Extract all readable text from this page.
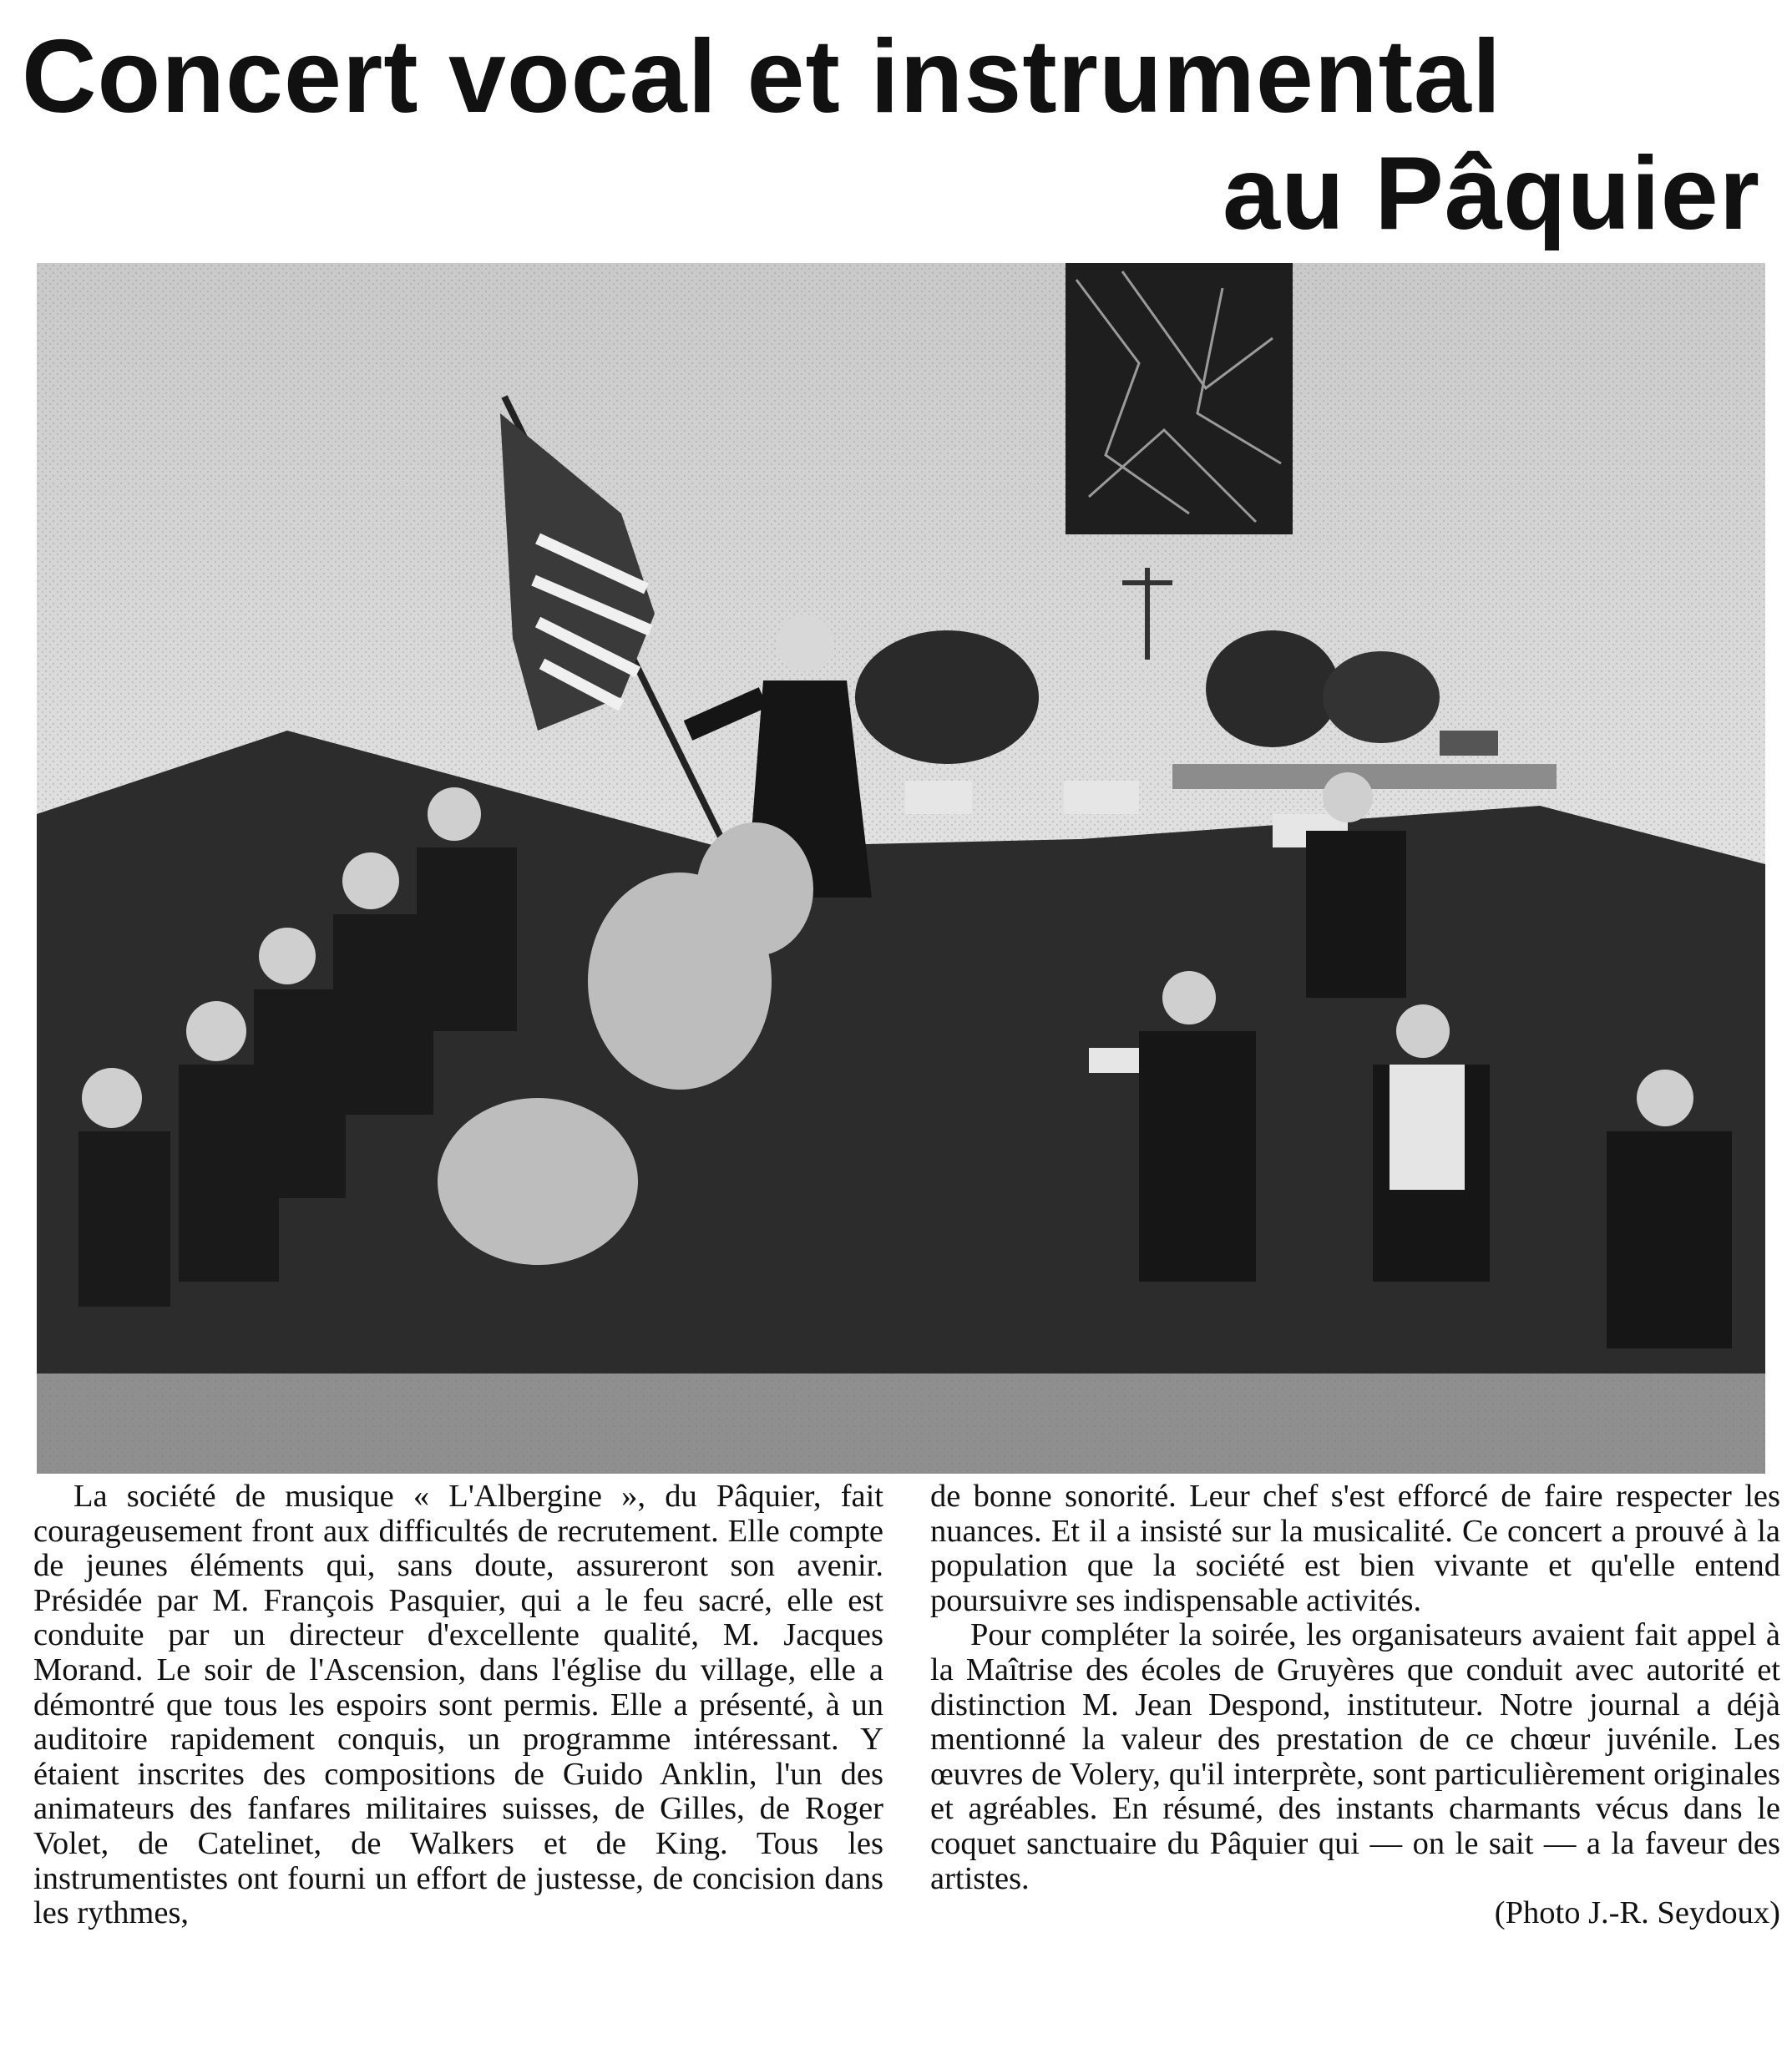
Concert vocal et instrumental
au Pâquier

La société de musique « L'Albergine », du Pâquier, fait courageusement front aux difficultés de recrutement. Elle compte de jeunes éléments qui, sans doute, assureront son avenir. Présidée par M. François Pasquier, qui a le feu sacré, elle est conduite par un directeur d'excellente qualité, M. Jacques Morand. Le soir de l'Ascension, dans l'église du village, elle a démontré que tous les espoirs sont permis. Elle a présenté, à un auditoire rapidement conquis, un programme intéressant. Y étaient inscrites des compositions de Guido Anklin, l'un des animateurs des fanfares militaires suisses, de Gilles, de Roger Volet, de Catelinet, de Walkers et de King. Tous les instrumentistes ont fourni un effort de justesse, de concision dans les rythmes,

de bonne sonorité. Leur chef s'est efforcé de faire respecter les nuances. Et il a insisté sur la musicalité. Ce concert a prouvé à la population que la société est bien vivante et qu'elle entend poursuivre ses indispensable activités.

Pour compléter la soirée, les organisateurs avaient fait appel à la Maîtrise des écoles de Gruyères que conduit avec autorité et distinction M. Jean Despond, instituteur. Notre journal a déjà mentionné la valeur des prestation de ce chœur juvénile. Les œuvres de Volery, qu'il interprète, sont particulièrement originales et agréables. En résumé, des instants charmants vécus dans le coquet sanctuaire du Pâquier qui — on le sait — a la faveur des artistes.

(Photo J.-R. Seydoux)
